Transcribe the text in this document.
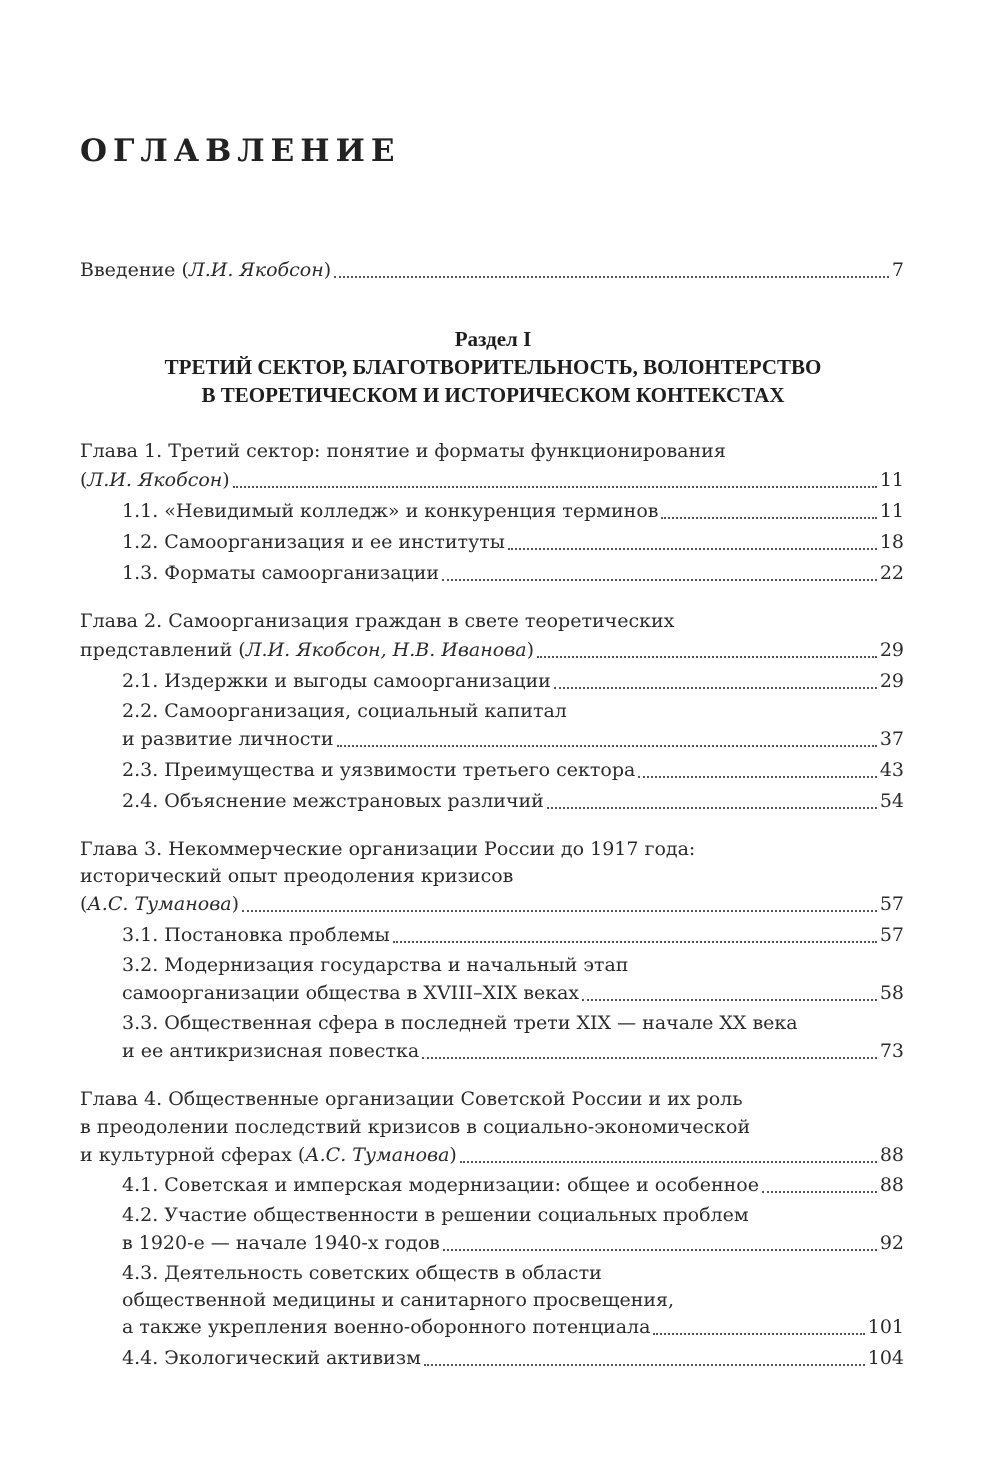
ОГЛАВЛЕНИЕ
Введение ( Л.И. Якобсон )	7
Раздел I
ТРЕТИЙ СЕКТОР, БЛАГОТВОРИТЕЛЬНОСТЬ, ВОЛОНТЕРСТВО
В ТЕОРЕТИЧЕСКОМ И ИСТОРИЧЕСКОМ КОНТЕКСТАХ
Глава 1. Третий сектор: понятие и форматы функционирования
( Л.И. Якобсон )	11
1.1. «Невидимый колледж» и конкуренция терминов	11
1.2. Самоорганизация и ее институты	18
1.3. Форматы самоорганизации	22
Глава 2. Самоорганизация граждан в свете теоретических
представлений ( Л.И. Якобсон, Н.В. Иванова )	29
2.1. Издержки и выгоды самоорганизации	29
2.2. Самоорганизация, социальный капитал
и развитие личности	37
2.3. Преимущества и уязвимости третьего сектора	43
2.4. Объяснение межстрановых различий	54
Глава 3. Некоммерческие организации России до 1917 года:
исторический опыт преодоления кризисов
( А.С. Туманова )	57
3.1. Постановка проблемы	57
3.2. Модернизация государства и начальный этап
самоорганизации общества в XVIII–XIX веках	58
3.3. Общественная сфера в последней трети XIX — начале XX века
и ее антикризисная повестка	73
Глава 4. Общественные организации Советской России и их роль
в преодолении последствий кризисов в социально-экономической
и культурной сферах ( А.С. Туманова )	88
4.1. Советская и имперская модернизации: общее и особенное	88
4.2. Участие общественности в решении социальных проблем
в 1920-е — начале 1940-х годов	92
4.3. Деятельность советских обществ в области
общественной медицины и санитарного просвещения,
а также укрепления военно-оборонного потенциала	101
4.4. Экологический активизм	104
